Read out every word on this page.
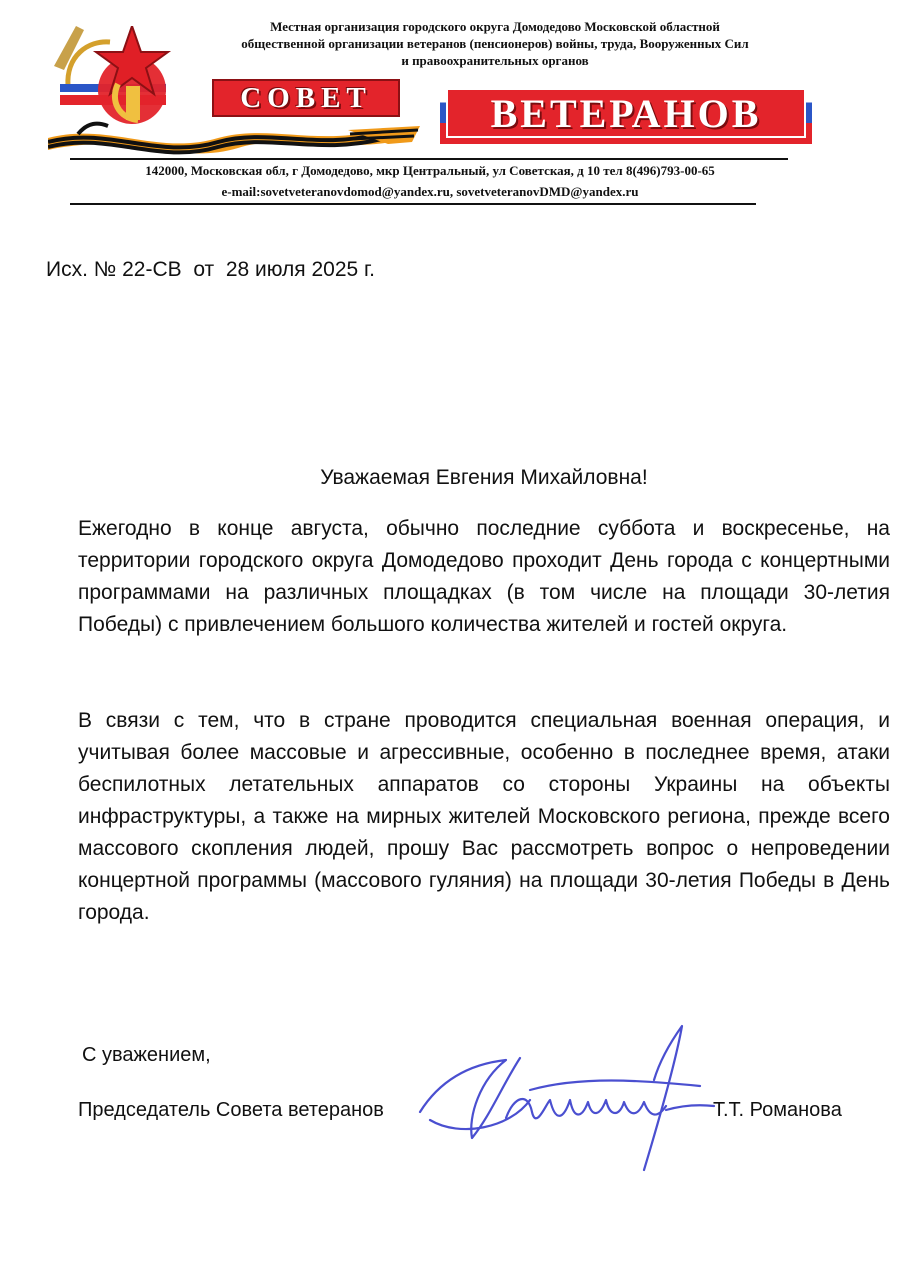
Местная организация городского округа Домодедово Московской областной
общественной организации ветеранов (пенсионеров) войны, труда, Вооруженных Сил
и правоохранительных органов
СОВЕТ	ВЕТЕРАНОВ
142000, Московская обл, г Домодедово, мкр Центральный, ул Советская, д 10 тел 8(496)793-00-65
e-mail:sovetveteranovdomod@yandex.ru, sovetveteranovDMD@yandex.ru
Исх. № 22-СВ  от  28 июля 2025 г.
Уважаемая Евгения Михайловна!

Ежегодно в конце августа, обычно последние суббота и воскресенье, на территории городского округа Домодедово проходит День города с концертными программами на различных площадках (в том числе на площади 30-летия Победы) с привлечением большого количества жителей и гостей округа.

В связи с тем, что в стране проводится специальная военная операция, и учитывая более массовые и агрессивные, особенно в последнее время, атаки беспилотных летательных аппаратов со стороны Украины на объекты инфраструктуры, а также на мирных жителей Московского региона, прежде всего массового скопления людей, прошу Вас рассмотреть вопрос о непроведении концертной программы (массового гуляния) на площади 30-летия Победы в День города.

С уважением,
Председатель Совета ветеранов	Т.Т. Романова
